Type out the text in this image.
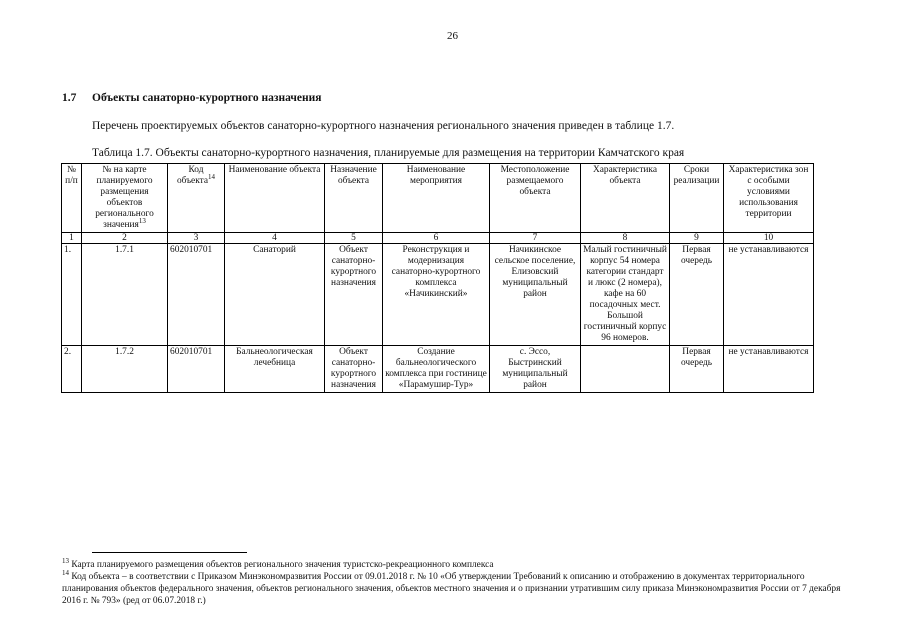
26
1.7 Объекты санаторно-курортного назначения
Перечень проектируемых объектов санаторно-курортного назначения регионального значения приведен в таблице 1.7.
Таблица 1.7. Объекты санаторно-курортного назначения, планируемые для размещения на территории Камчатского края
№ п/п	№ на карте планируемого размещения объектов регионального значения$^{13}$	Код объекта$^{14}$	Наименование объекта	Назначение объекта	Наименование мероприятия	Местоположение размещаемого объекта	Характеристика объекта	Сроки реализации	Характеристика зон с особыми условиями использования территории
1	2	3	4	5	6	7	8	9	10
1.	1.7.1	602010701	Санаторий	Объект санаторно-курортного назначения	Реконструкция и модернизация санаторно-курортного комплекса «Начикинский»	Начикинское сельское поселение, Елизовский муниципальный район	Малый гостиничный корпус 54 номера категории стандарт и люкс (2 номера), кафе на 60 посадочных мест. Большой гостиничный корпус 96 номеров.	Первая очередь	не устанавливаются
2.	1.7.2	602010701	Бальнеологическая лечебница	Объект санаторно-курортного назначения	Создание бальнеологического комплекса при гостинице «Парамушир-Тур»	с. Эссо, Быстринский муниципальный район		Первая очередь	не устанавливаются
$^{13}$ Карта планируемого размещения объектов регионального значения туристско-рекреационного комплекса
$^{14}$ Код объекта – в соответствии с Приказом Минэкономразвития России от 09.01.2018 г. № 10 «Об утверждении Требований к описанию и отображению в документах территориального планирования объектов федерального значения, объектов регионального значения, объектов местного значения и о признании утратившим силу приказа Минэкономразвития России от 7 декабря 2016 г. № 793» (ред от 06.07.2018 г.)
